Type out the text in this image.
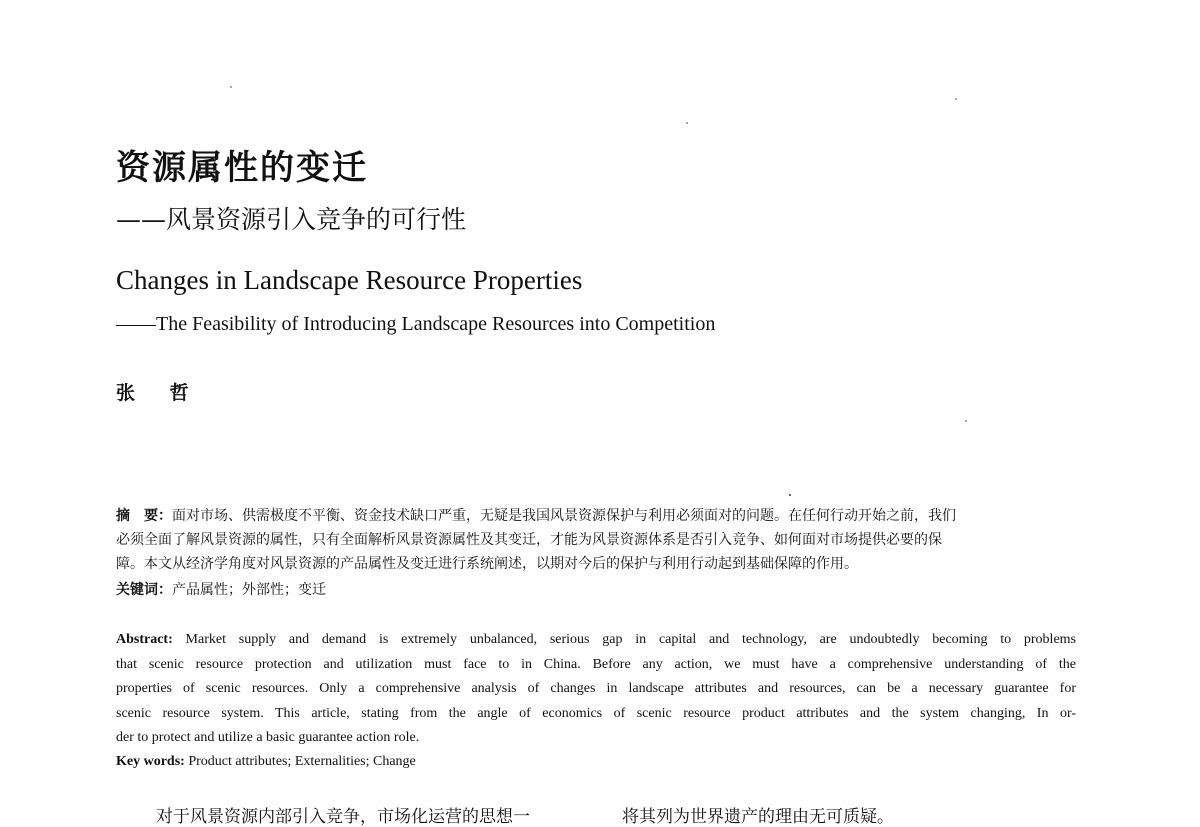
资源属性的变迁
——风景资源引入竞争的可行性
Changes in Landscape Resource Properties
——The Feasibility of Introducing Landscape Resources into Competition
张 哲
摘　要：面对市场、供需极度不平衡、资金技术缺口严重，无疑是我国风景资源保护与利用必须面对的问题。在任何行动开始之前，我们
必须全面了解风景资源的属性，只有全面解析风景资源属性及其变迁，才能为风景资源体系是否引入竞争、如何面对市场提供必要的保
障。本文从经济学角度对风景资源的产品属性及变迁进行系统阐述，以期对今后的保护与利用行动起到基础保障的作用。
关键词：产品属性；外部性；变迁
Abstract: Market supply and demand is extremely unbalanced, serious gap in capital and technology, are undoubtedly becoming to problems
that scenic resource protection and utilization must face to in China. Before any action, we must have a comprehensive understanding of the
properties of scenic resources. Only a comprehensive analysis of changes in landscape attributes and resources, can be a necessary guarantee for
scenic resource system. This article, stating from the angle of economics of scenic resource product attributes and the system changing, In or-
der to protect and utilize a basic guarantee action role.
Key words: Product attributes; Externalities; Change
对于风景资源内部引入竞争，市场化运营的思想一	将其列为世界遗产的理由无可质疑。
